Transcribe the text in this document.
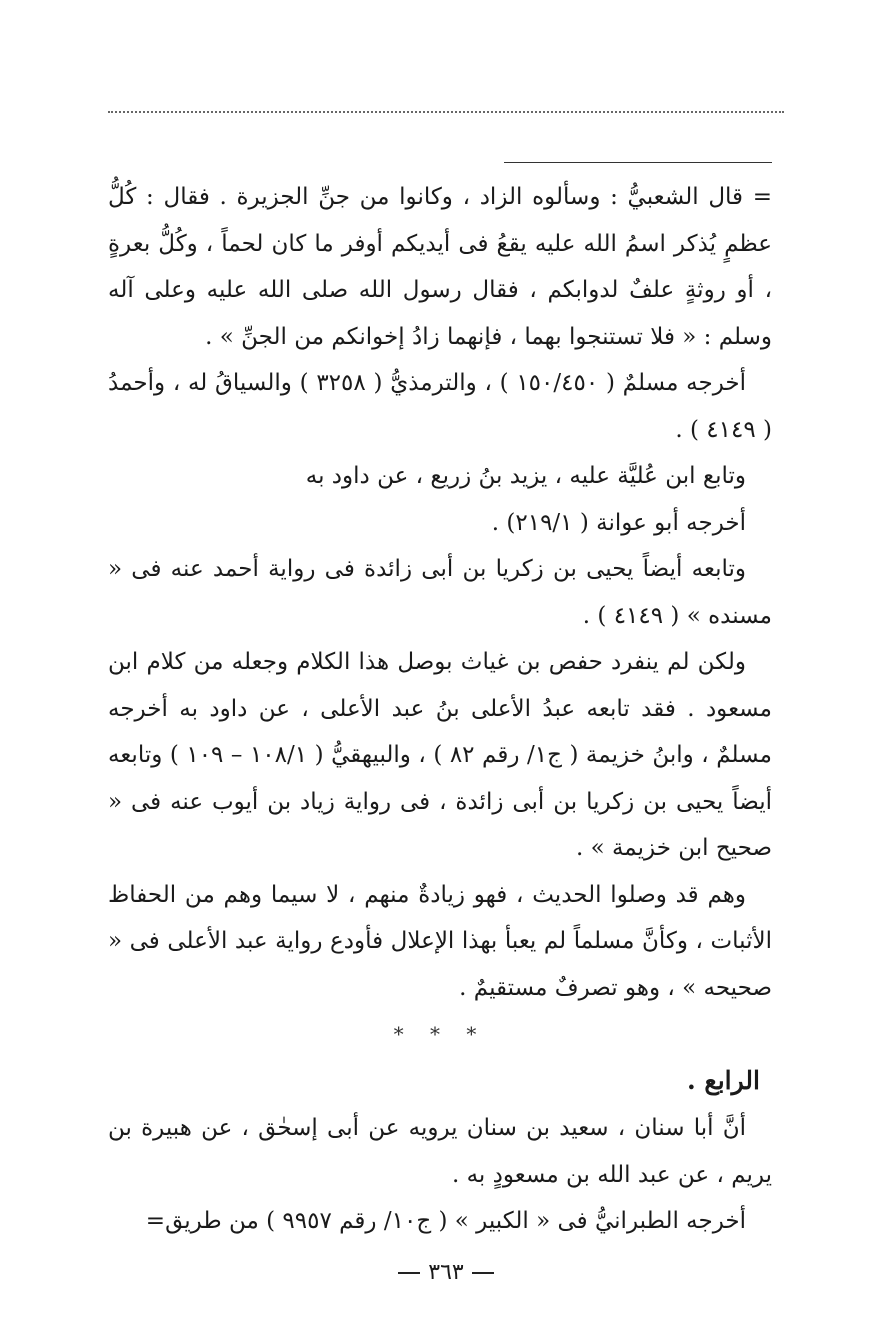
= قال الشعبيُّ : وسألوه الزاد ، وكانوا من جنِّ الجزيرة . فقال : كُلُّ عظمٍ يُذكر اسمُ الله عليه يقعُ فى أيديكم أوفر ما كان لحماً ، وكُلُّ بعرةٍ ، أو روثةٍ علفٌ لدوابكم ، فقال رسول الله صلى الله عليه وعلى آله وسلم : « فلا تستنجوا بهما ، فإنهما زادُ إخوانكم من الجنِّ » .

أخرجه مسلمٌ ( ١٥٠/٤٥٠ ) ، والترمذيُّ ( ٣٢٥٨ ) والسياقُ له ، وأحمدُ ( ٤١٤٩ ) .

وتابع ابن عُليَّة عليه ، يزيد بنُ زريع ، عن داود به

أخرجه أبو عوانة ( ٢١٩/١) .

وتابعه أيضاً يحيى بن زكريا بن أبى زائدة فى رواية أحمد عنه فى « مسنده » ( ٤١٤٩ ) .

ولكن لم ينفرد حفص بن غياث بوصل هذا الكلام وجعله من كلام ابن مسعود . فقد تابعه عبدُ الأعلى بنُ عبد الأعلى ، عن داود به أخرجه مسلمٌ ، وابنُ خزيمة ( ج١/ رقم ٨٢ ) ، والبيهقيُّ ( ١٠٨/١ – ١٠٩ ) وتابعه أيضاً يحيى بن زكريا بن أبى زائدة ، فى رواية زياد بن أيوب عنه فى « صحيح ابن خزيمة » .

وهم قد وصلوا الحديث ، فهو زيادةٌ منهم ، لا سيما وهم من الحفاظ الأثبات ، وكأنَّ مسلماً لم يعبأ بهذا الإعلال فأودع رواية عبد الأعلى فى « صحيحه » ، وهو تصرفٌ مستقيمٌ .

* * *
الرابع .

أنَّ أبا سنان ، سعيد بن سنان يرويه عن أبى إسحٰق ، عن هبيرة بن يريم ، عن عبد الله بن مسعودٍ به .

أخرجه الطبرانيُّ فى « الكبير » ( ج١٠/ رقم ٩٩٥٧ ) من طريق=

٣٦٣
